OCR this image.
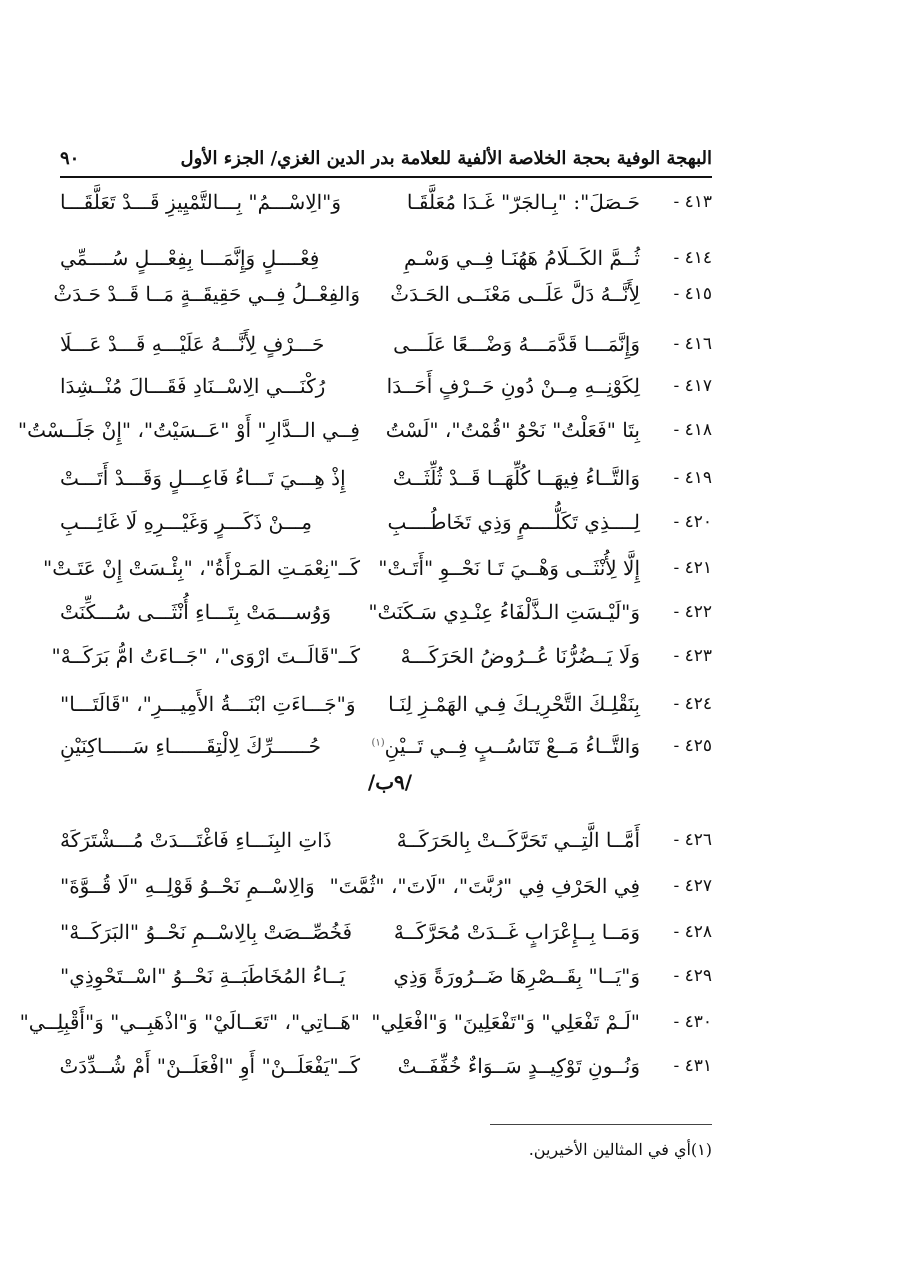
البهجة الوفية بحجة الخلاصة الألفية للعلامة بدر الدين الغزي/ الجزء الأول
٩٠
٤١٣ -
حَـصَلَ": "بِـالجَرّ" غَـدَا مُعَلَّقَـا
وَ"الِاسْـــمُ" بِـــالتَّمْيِيزِ قَـــدْ تَعَلَّقَـــا
٤١٤ -
ثُــمَّ الكَــلَامُ هَهُنَـا فِــي وَسْـمِ
فِعْــــلٍ وَإِنَّمَـــا بِفِعْـــلٍ سُــــمِّي
٤١٥ -
لِأَنَّــهُ دَلَّ عَلَــى مَعْنَــى الحَـدَثْ
وَالفِعْــلُ فِــي حَقِيقَــةٍ مَــا قَــدْ حَـدَثْ
٤١٦ -
وَإِنَّمَـــا قَدَّمَـــهُ وَضْـــعًا عَلَـــى
حَـــرْفٍ لِأَنَّـــهُ عَلَيْـــهِ قَـــدْ عَـــلَا
٤١٧ -
لِكَوْنِــهِ مِــنْ دُونِ حَــرْفٍ أَحَــدَا
رُكْنَـــي الِاسْــنَادِ فَقَـــالَ مُنْــشِدَا
٤١٨ -
بِتَا "فَعَلْتُ" نَحْوُ "قُمْتُ"، "لَسْتُ
فِــي الــدَّارِ" أَوْ "عَــسَيْتُ"، "إِنْ جَلَــسْتُ"
٤١٩ -
وَالتَّــاءُ فِيهَــا كُلِّهَــا قَــدْ ثُلِّثَــتْ
إِذْ هِـــيَ تَـــاءُ فَاعِـــلٍ وَقَـــدْ أَتَـــتْ
٤٢٠ -
لِــــذِي تَكَلُّــــمٍ وَذِي تَخَاطُــــبِ
مِـــنْ ذَكَـــرٍ وَغَيْـــرِهِ لَا غَائِـــبِ
٤٢١ -
إِلَّا لِأُنْثَــى وَهْــيَ تَـا نَحْــوِ "أَتَـتْ"
كَــ"نِعْمَـتِ المَـرْأَةُ"، "بِئْـسَتْ إِنْ عَتَـتْ"
٤٢٢ -
وَ"لَيْـسَتِ الـذَّلْفَاءُ عِنْـدِي سَـكَنَتْ"
وَوُســـمَتْ بِتَـــاءِ أُنْثَـــى سُـــكِّنَتْ
٤٢٣ -
وَلَا يَــضُرُّنَا عُــرُوضُ الحَرَكَـــهْ
كَــ"قَالَــتَ ارْوَى"، "جَــاءَتُ امُّ بَرَكَــهْ"
٤٢٤ -
بِنَقْلِـكَ التَّحْرِيـكَ فِـي الهَمْـزِ لِنَـا
وَ"جَـــاءَتِ ابْنَـــةُ الأَمِيـــرِ"، "قَالَتَـــا"
٤٢٥ -
وَالتَّــاءُ مَــعْ تَنَاسُــبٍ فِــي تَــيْنِ$^{(١)}$
حُــــــرِّكَ لِالْتِقَــــــاءِ سَـــــاكِنَيْنِ
/٩ب/
٤٢٦ -
أَمَّــا الَّتِــي تَحَرَّكَــتْ بِالحَرَكَــهْ
ذَاتِ البِنَـــاءِ فَاغْتَـــدَتْ مُـــشْتَرَكَهْ
٤٢٧ -
فِي الحَرْفِ فِي "رُبَّتَ"، "لَاتَ"، "ثُمَّتَ"
وَالِاسْــمِ نَحْــوُ قَوْلِــهِ "لَا قُــوَّةَ"
٤٢٨ -
وَمَــا بِــإِعْرَابٍ غَــدَتْ مُحَرَّكَــهْ
فَخُصِّــصَتْ بِالِاسْــمِ نَحْــوُ "البَرَكَــهْ"
٤٢٩ -
وَ"يَــا" بِقَــصْرِهَا ضَــرُورَةً وَذِي
يَــاءُ المُخَاطَبَــةِ نَحْــوُ "اسْــتَحْوِذِي"
٤٣٠ -
"لَـمْ تَفْعَلِي" وَ"تَفْعَلِينَ" وَ"افْعَلِي"
"هَــاتِي"، "تَعَــالَيْ" وَ"اذْهَبِــي" وَ"أَقْبِلِــي"
٤٣١ -
وَنُــونِ تَوْكِيــدٍ سَــوَاءٌ خُفِّفَــتْ
كَــ"يَفْعَلَــنْ" أَوِ "افْعَلَــنْ" أَمْ شُــدِّدَتْ
(١)أي في المثالين الأخيرين.
